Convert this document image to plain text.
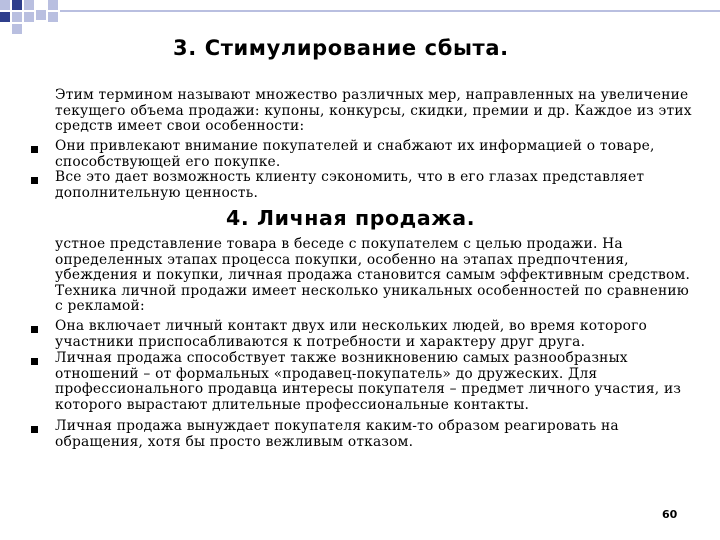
3. Стимулирование сбыта.

Этим термином называют множество различных мер, направленных на увеличение текущего объема продажи: купоны, конкурсы, скидки, премии и др. Каждое из этих средств имеет свои особенности:

Они привлекают внимание покупателей и снабжают их информацией о товаре, способствующей его покупке.

Все это дает возможность клиенту сэкономить, что в его глазах представляет дополнительную ценность.

4. Личная продажа.

устное представление товара в беседе с покупателем с целью продажи. На определенных этапах процесса покупки, особенно на этапах предпочтения, убеждения и покупки, личная продажа становится самым эффективным средством. Техника личной продажи имеет несколько уникальных особенностей по сравнению с рекламой:

Она включает личный контакт двух или нескольких людей, во время которого участники приспосабливаются к потребности и характеру друг друга.

Личная продажа способствует также возникновению самых разнообразных отношений – от формальных «продавец-покупатель» до дружеских. Для профессионального продавца интересы покупателя – предмет личного участия, из которого вырастают длительные профессиональные контакты.

Личная продажа вынуждает покупателя каким-то образом реагировать на обращения, хотя бы просто вежливым отказом.

60
